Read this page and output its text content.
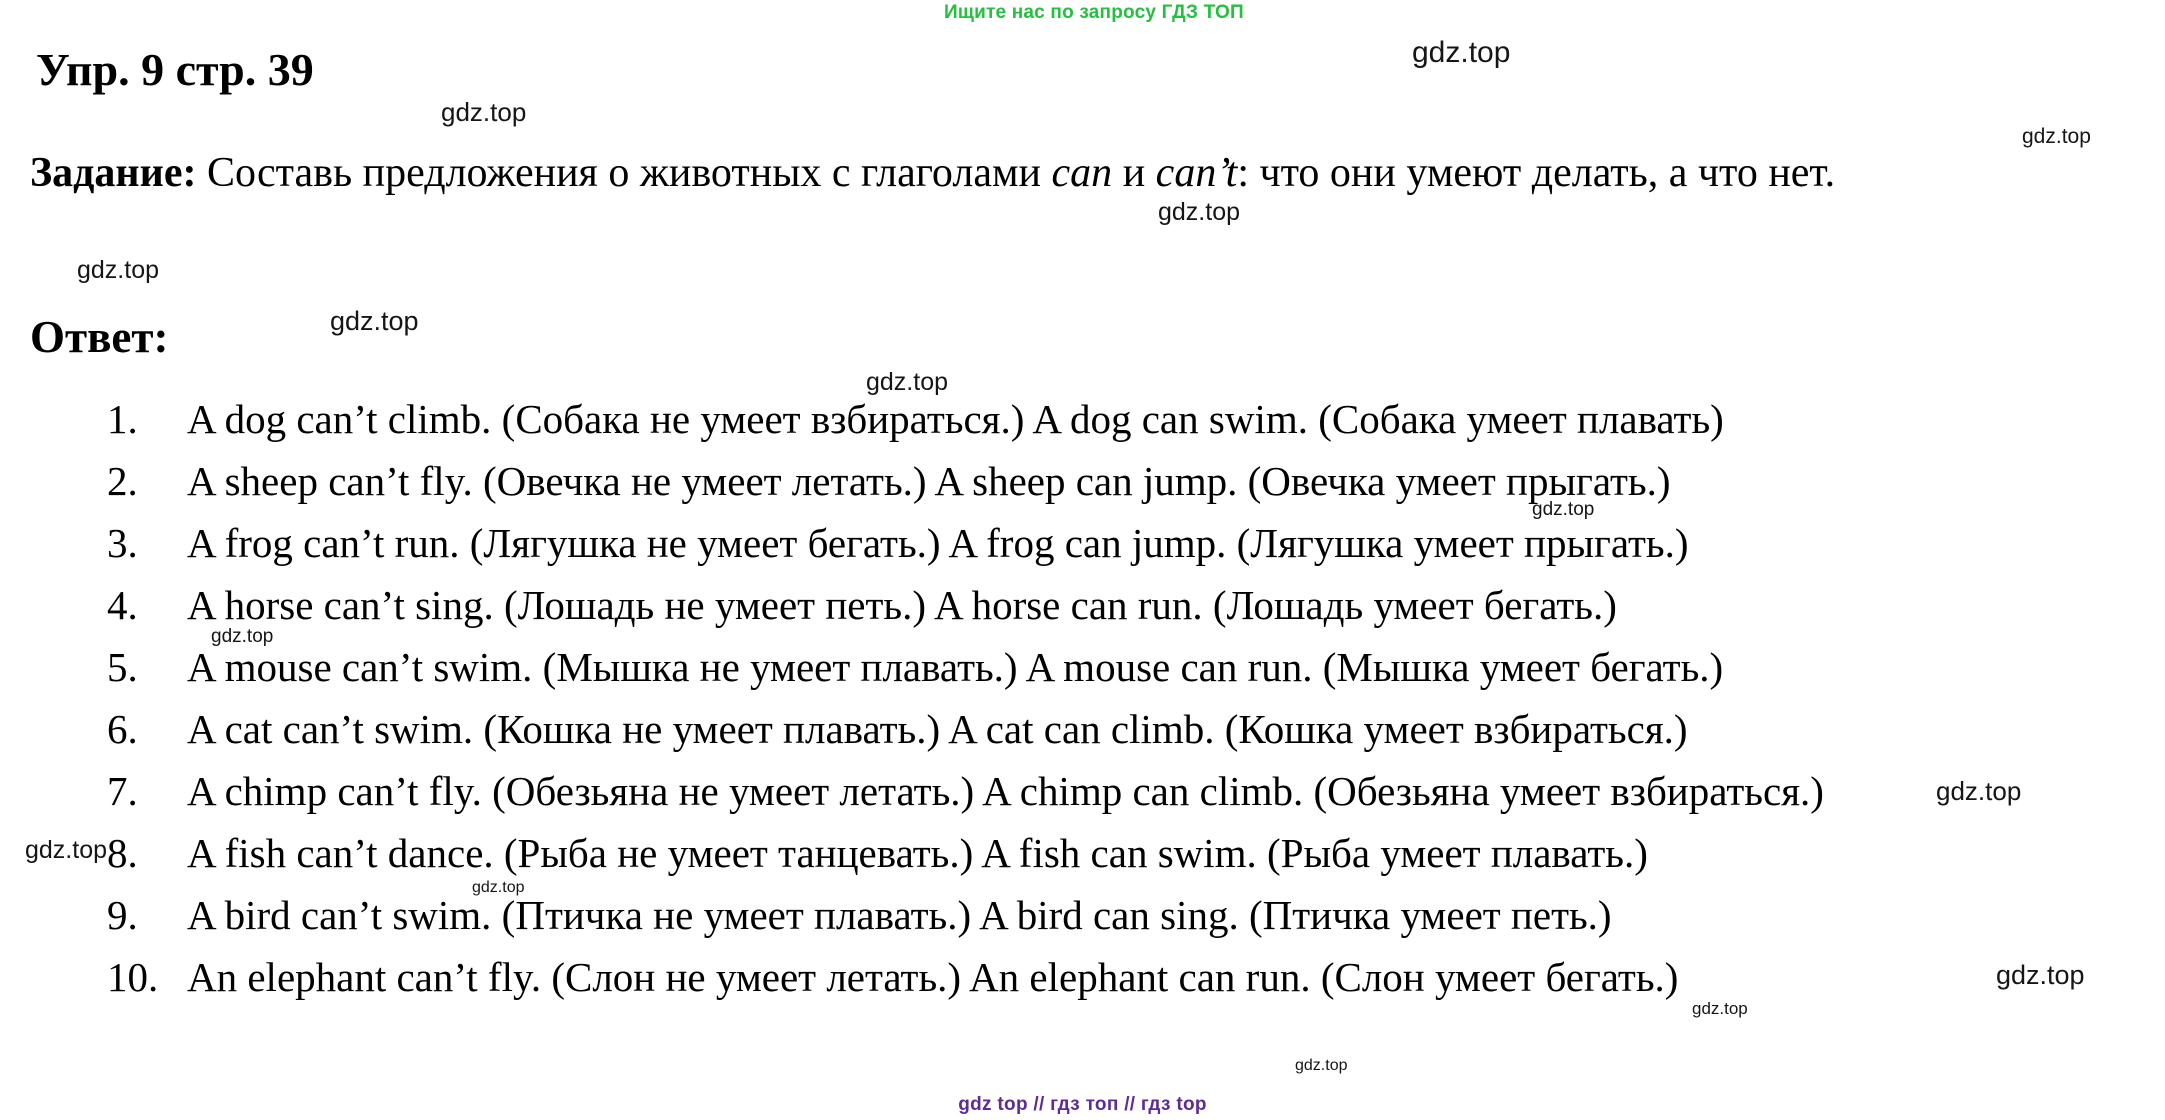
Ищите нас по запросу ГДЗ ТОП
Упр. 9 стр. 39

Задание: Составь предложения о животных с глаголами can и can’t: что они умеют делать, а что нет.

Ответ:
1. A dog can’t climb. (Собака не умеет взбираться.) A dog can swim. (Собака умеет плавать)
2. A sheep can’t fly. (Овечка не умеет летать.) A sheep can jump. (Овечка умеет прыгать.)
3. A frog can’t run. (Лягушка не умеет бегать.) A frog can jump. (Лягушка умеет прыгать.)
4. A horse can’t sing. (Лошадь не умеет петь.) A horse can run. (Лошадь умеет бегать.)
5. A mouse can’t swim. (Мышка не умеет плавать.) A mouse can run. (Мышка умеет бегать.)
6. A cat can’t swim. (Кошка не умеет плавать.) A cat can climb. (Кошка умеет взбираться.)
7. A chimp can’t fly. (Обезьяна не умеет летать.) A chimp can climb. (Обезьяна умеет взбираться.)
8. A fish can’t dance. (Рыба не умеет танцевать.) A fish can swim. (Рыба умеет плавать.)
9. A bird can’t swim. (Птичка не умеет плавать.) A bird can sing. (Птичка умеет петь.)
10. An elephant can’t fly. (Слон не умеет летать.) An elephant can run. (Слон умеет бегать.)
gdz.top
gdz.top
gdz.top
gdz.top
gdz.top
gdz.top
gdz.top
gdz.top
gdz.top
gdz.top
gdz.top
gdz.top
gdz.top
gdz.top
gdz.top
gdz top // гдз топ // гдз top
